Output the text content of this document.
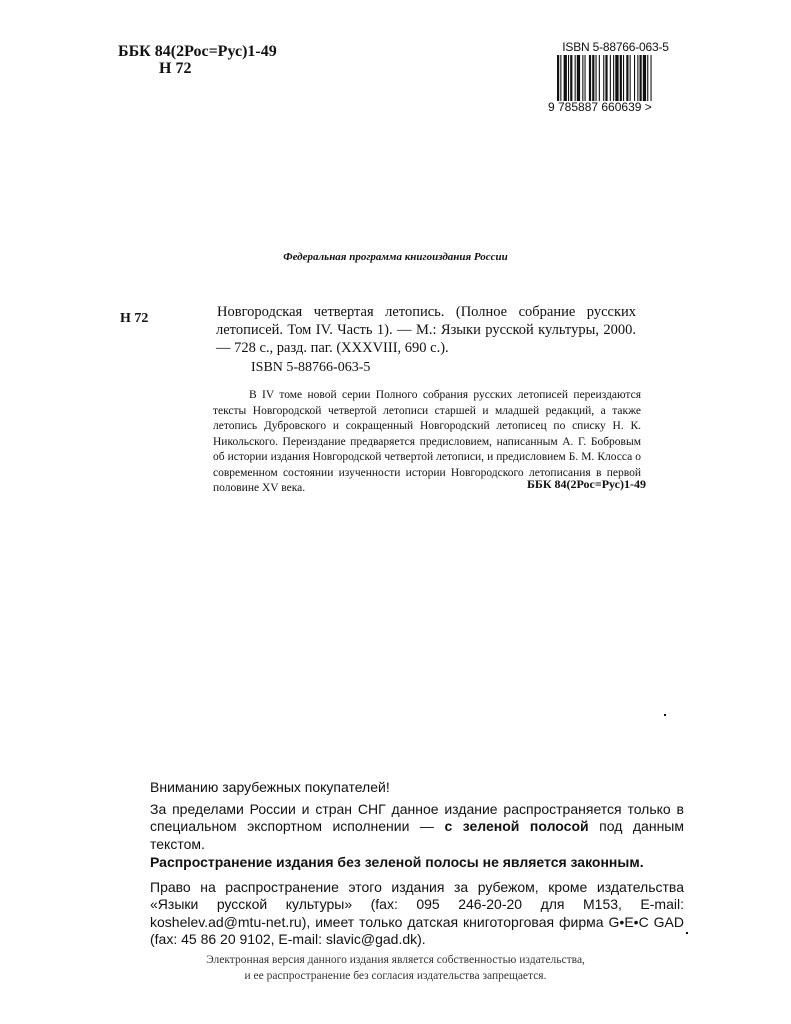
ББК 84(2Рос=Рус)1-49
Н 72
ISBN 5-88766-063-5
9 785887 660639 >
Федеральная программа книгоиздания России
Н 72	Новгородская четвертая летопись. (Полное собрание русских летописей. Том IV. Часть 1). — М.: Языки русской культуры, 2000. — 728 с., разд. паг. (XXXVIII, 690 с.).
ISBN 5-88766-063-5
В IV томе новой серии Полного собрания русских летописей переиздаются тексты Новгородской четвертой летописи старшей и младшей редакций, а также летопись Дубровского и сокращенный Новгородский летописец по списку Н. К. Никольского. Переиздание предваряется предисловием, написанным А. Г. Бобровым об истории издания Новгородской четвертой летописи, и предисловием Б. М. Клосса о современном состоянии изученности истории Новгородского летописания в первой половине XV века.	ББК 84(2Рос=Рус)1-49
Вниманию зарубежных покупателей!
За пределами России и стран СНГ данное издание распространяется только в специальном экспортном исполнении — с зеленой полосой под данным текстом.
Распространение издания без зеленой полосы не является законным.
Право на распространение этого издания за рубежом, кроме издательства «Языки русской культуры» (fax: 095 246-20-20 для М153, E-mail: koshelev.ad@mtu-net.ru), имеет только датская книготорговая фирма G•E•C GAD (fax: 45 86 20 9102, E-mail: slavic@gad.dk).
Электронная версия данного издания является собственностью издательства,
и ее распространение без согласия издательства запрещается.
